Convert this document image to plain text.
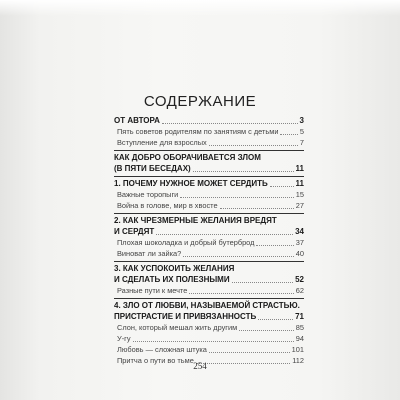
СОДЕРЖАНИЕ
ОТ АВТОРА	3
Пять советов родителям по занятиям с детьми	5
Вступление для взрослых	7
КАК ДОБРО ОБОРАЧИВАЕТСЯ ЗЛОМ
(В ПЯТИ БЕСЕДАХ)	11
1. ПОЧЕМУ НУЖНОЕ МОЖЕТ СЕРДИТЬ	11
Важные торопыги	15
Война в голове, мир в хвосте	27
2. КАК ЧРЕЗМЕРНЫЕ ЖЕЛАНИЯ ВРЕДЯТ
И СЕРДЯТ	34
Плохая шоколадка и добрый бутерброд	37
Виноват ли зайка?	40
3. КАК УСПОКОИТЬ ЖЕЛАНИЯ
И СДЕЛАТЬ ИХ ПОЛЕЗНЫМИ	52
Разные пути к мечте	62
4. ЗЛО ОТ ЛЮБВИ, НАЗЫВАЕМОЙ СТРАСТЬЮ.
ПРИСТРАСТИЕ И ПРИВЯЗАННОСТЬ	71
Слон, который мешал жить другим	85
У-гу	94
Любовь — сложная штука	101
Притча о пути во тьме	112
254
